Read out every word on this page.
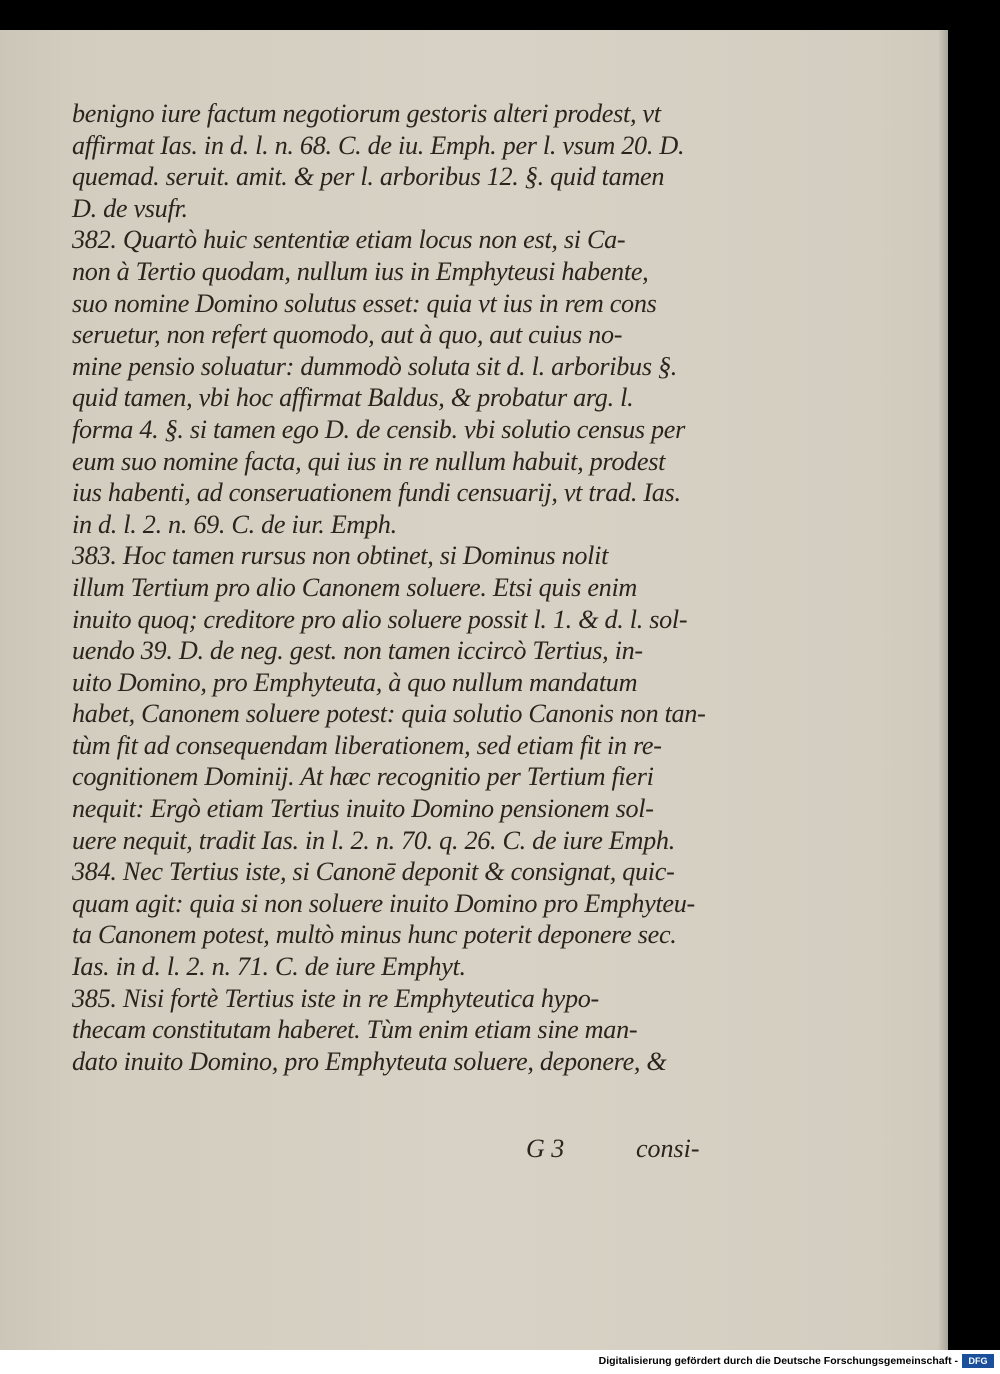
benigno iure factum negotiorum gestoris alteri prodest, vt
affirmat Ias. in d. l. n. 68. C. de iu. Emph. per l. vsum 20. D.
quemad. seruit. amit. & per l. arboribus 12. §. quid tamen
D. de vsufr.
382. Quartò huic sententiæ etiam locus non est, si Ca-
non à Tertio quodam, nullum ius in Emphyteusi habente,
suo nomine Domino solutus esset: quia vt ius in rem cons
seruetur, non refert quomodo, aut à quo, aut cuius no-
mine pensio soluatur: dummodò soluta sit d. l. arboribus §.
quid tamen, vbi hoc affirmat Baldus, & probatur arg. l.
forma 4. §. si tamen ego D. de censib. vbi solutio census per
eum suo nomine facta, qui ius in re nullum habuit, prodest
ius habenti, ad conseruationem fundi censuarij, vt trad. Ias.
in d. l. 2. n. 69. C. de iur. Emph.
383. Hoc tamen rursus non obtinet, si Dominus nolit
illum Tertium pro alio Canonem soluere. Etsi quis enim
inuito quoq; creditore pro alio soluere possit l. 1. & d. l. sol-
uendo 39. D. de neg. gest. non tamen iccircò Tertius, in-
uito Domino, pro Emphyteuta, à quo nullum mandatum
habet, Canonem soluere potest: quia solutio Canonis non tan-
tùm fit ad consequendam liberationem, sed etiam fit in re-
cognitionem Dominij. At hæc recognitio per Tertium fieri
nequit: Ergò etiam Tertius inuito Domino pensionem sol-
uere nequit, tradit Ias. in l. 2. n. 70. q. 26. C. de iure Emph.
384. Nec Tertius iste, si Canonē deponit & consignat, quic-
quam agit: quia si non soluere inuito Domino pro Emphyteu-
ta Canonem potest, multò minus hunc poterit deponere sec.
Ias. in d. l. 2. n. 71. C. de iure Emphyt.
385. Nisi fortè Tertius iste in re Emphyteutica hypo-
thecam constitutam haberet. Tùm enim etiam sine man-
dato inuito Domino, pro Emphyteuta soluere, deponere, &
G 3	consi-
Digitalisierung gefördert durch die Deutsche Forschungsgemeinschaft -	DFG
